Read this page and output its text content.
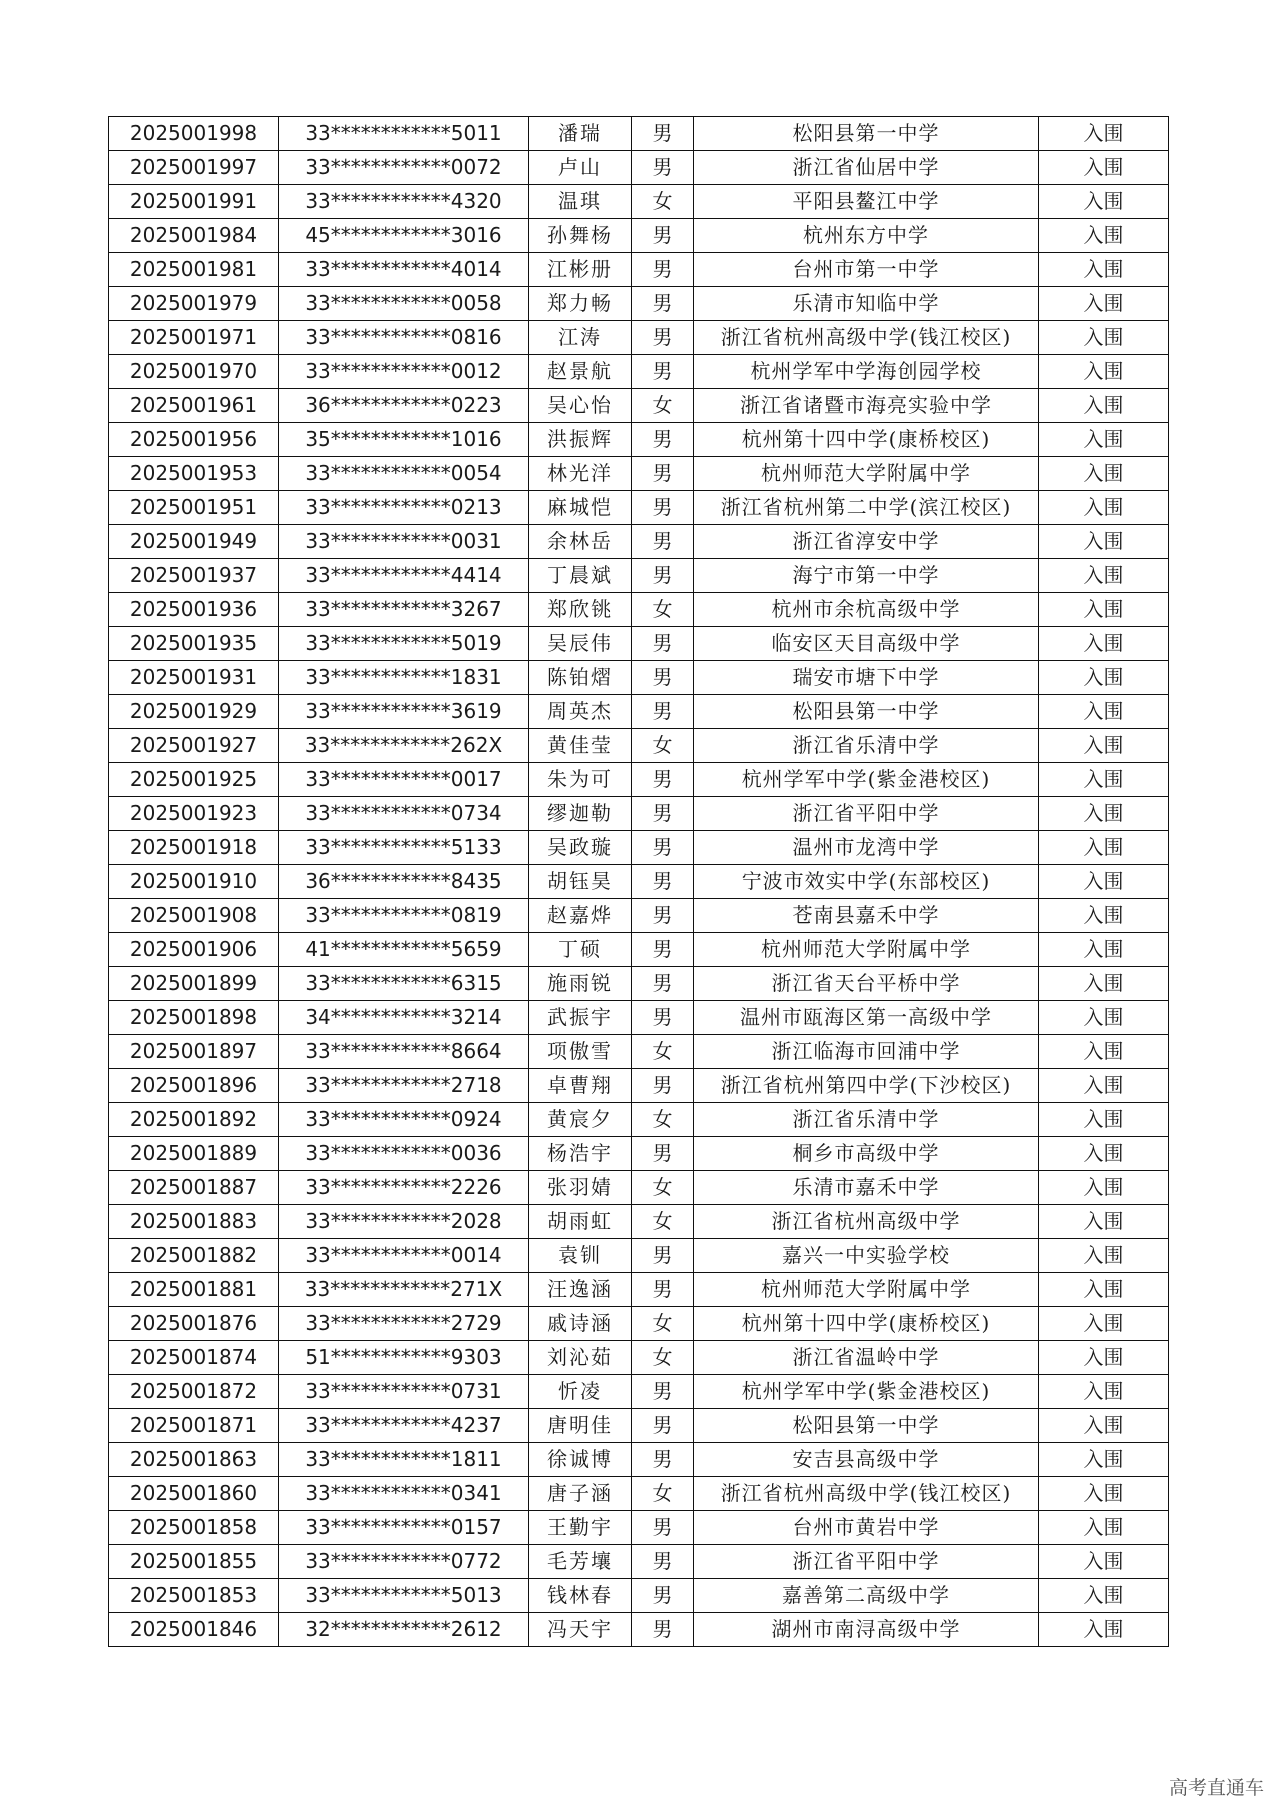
2025001998	33************5011	潘瑞	男	松阳县第一中学	入围
2025001997	33************0072	卢山	男	浙江省仙居中学	入围
2025001991	33************4320	温琪	女	平阳县鳌江中学	入围
2025001984	45************3016	孙舞杨	男	杭州东方中学	入围
2025001981	33************4014	江彬册	男	台州市第一中学	入围
2025001979	33************0058	郑力畅	男	乐清市知临中学	入围
2025001971	33************0816	江涛	男	浙江省杭州高级中学(钱江校区)	入围
2025001970	33************0012	赵景航	男	杭州学军中学海创园学校	入围
2025001961	36************0223	吴心怡	女	浙江省诸暨市海亮实验中学	入围
2025001956	35************1016	洪振辉	男	杭州第十四中学(康桥校区)	入围
2025001953	33************0054	林光洋	男	杭州师范大学附属中学	入围
2025001951	33************0213	麻城恺	男	浙江省杭州第二中学(滨江校区)	入围
2025001949	33************0031	余林岳	男	浙江省淳安中学	入围
2025001937	33************4414	丁晨斌	男	海宁市第一中学	入围
2025001936	33************3267	郑欣铫	女	杭州市余杭高级中学	入围
2025001935	33************5019	吴辰伟	男	临安区天目高级中学	入围
2025001931	33************1831	陈铂熠	男	瑞安市塘下中学	入围
2025001929	33************3619	周英杰	男	松阳县第一中学	入围
2025001927	33************262X	黄佳莹	女	浙江省乐清中学	入围
2025001925	33************0017	朱为可	男	杭州学军中学(紫金港校区)	入围
2025001923	33************0734	缪迦勒	男	浙江省平阳中学	入围
2025001918	33************5133	吴政璇	男	温州市龙湾中学	入围
2025001910	36************8435	胡钰昊	男	宁波市效实中学(东部校区)	入围
2025001908	33************0819	赵嘉烨	男	苍南县嘉禾中学	入围
2025001906	41************5659	丁硕	男	杭州师范大学附属中学	入围
2025001899	33************6315	施雨锐	男	浙江省天台平桥中学	入围
2025001898	34************3214	武振宇	男	温州市瓯海区第一高级中学	入围
2025001897	33************8664	项傲雪	女	浙江临海市回浦中学	入围
2025001896	33************2718	卓曹翔	男	浙江省杭州第四中学(下沙校区)	入围
2025001892	33************0924	黄宸夕	女	浙江省乐清中学	入围
2025001889	33************0036	杨浩宇	男	桐乡市高级中学	入围
2025001887	33************2226	张羽婧	女	乐清市嘉禾中学	入围
2025001883	33************2028	胡雨虹	女	浙江省杭州高级中学	入围
2025001882	33************0014	袁钏	男	嘉兴一中实验学校	入围
2025001881	33************271X	汪逸涵	男	杭州师范大学附属中学	入围
2025001876	33************2729	戚诗涵	女	杭州第十四中学(康桥校区)	入围
2025001874	51************9303	刘沁茹	女	浙江省温岭中学	入围
2025001872	33************0731	忻凌	男	杭州学军中学(紫金港校区)	入围
2025001871	33************4237	唐明佳	男	松阳县第一中学	入围
2025001863	33************1811	徐诚博	男	安吉县高级中学	入围
2025001860	33************0341	唐子涵	女	浙江省杭州高级中学(钱江校区)	入围
2025001858	33************0157	王勤宇	男	台州市黄岩中学	入围
2025001855	33************0772	毛芳壤	男	浙江省平阳中学	入围
2025001853	33************5013	钱林春	男	嘉善第二高级中学	入围
2025001846	32************2612	冯天宇	男	湖州市南浔高级中学	入围
高考直通车
